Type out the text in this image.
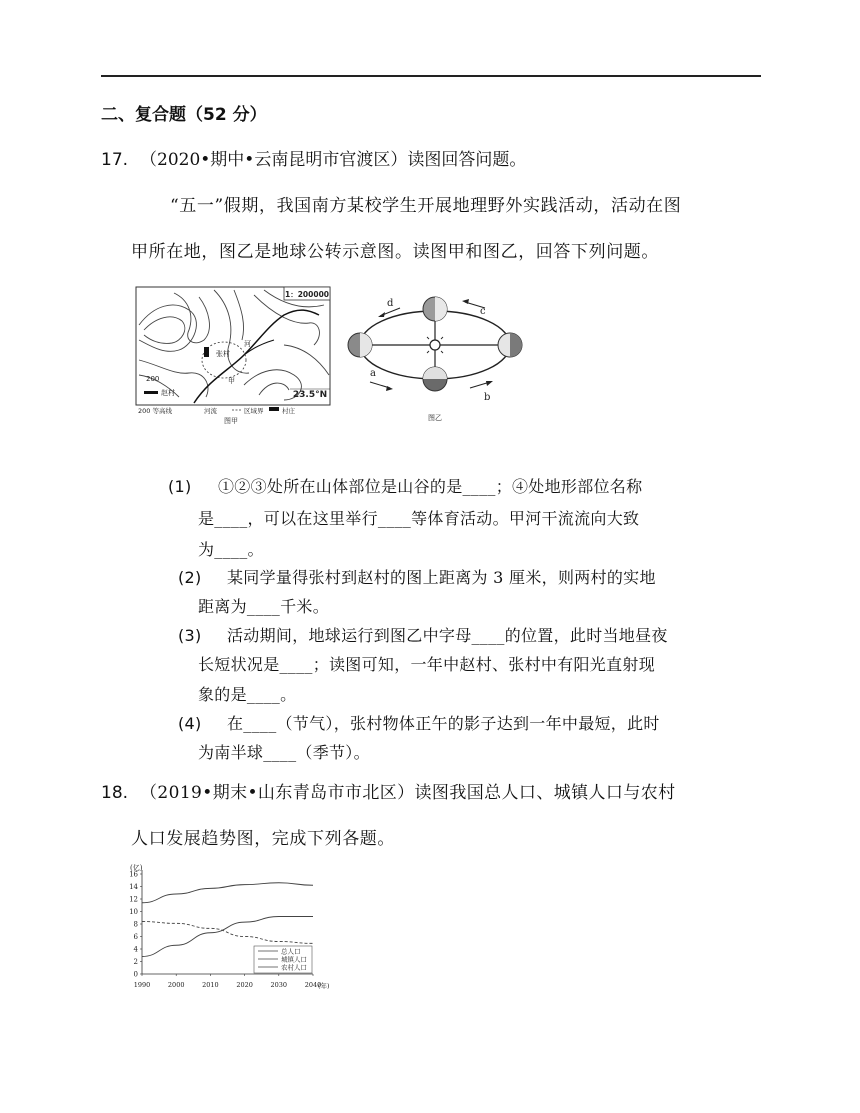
二、复合题（52 分）
17. （2020•期中•云南昆明市官渡区）读图回答问题。
“五一”假期，我国南方某校学生开展地理野外实践活动，活动在图
甲所在地，图乙是地球公转示意图。读图甲和图乙，回答下列问题。
1：200000
23.5°N
张村
河
甲
200
赵村
200 等高线	河流	区域界	村庄
图甲
d
c
a
b
图乙
(1) ①②③处所在山体部位是山谷的是____；④处地形部位名称
是____，可以在这里举行____等体育活动。甲河干流流向大致
为____。
(2) 某同学量得张村到赵村的图上距离为 3 厘米，则两村的实地
距离为____千米。
(3) 活动期间，地球运行到图乙中字母____的位置，此时当地昼夜
长短状况是____；读图可知，一年中赵村、张村中有阳光直射现
象的是____。
(4) 在____（节气），张村物体正午的影子达到一年中最短，此时
为南半球____（季节）。
18. （2019•期末•山东青岛市市北区）读图我国总人口、城镇人口与农村
人口发展趋势图，完成下列各题。
0
2
4
6
8
10
12
14
16
1990	2000	2010	2020	2030	2040
总人口
城镇人口
农村人口
(亿)
(年)
